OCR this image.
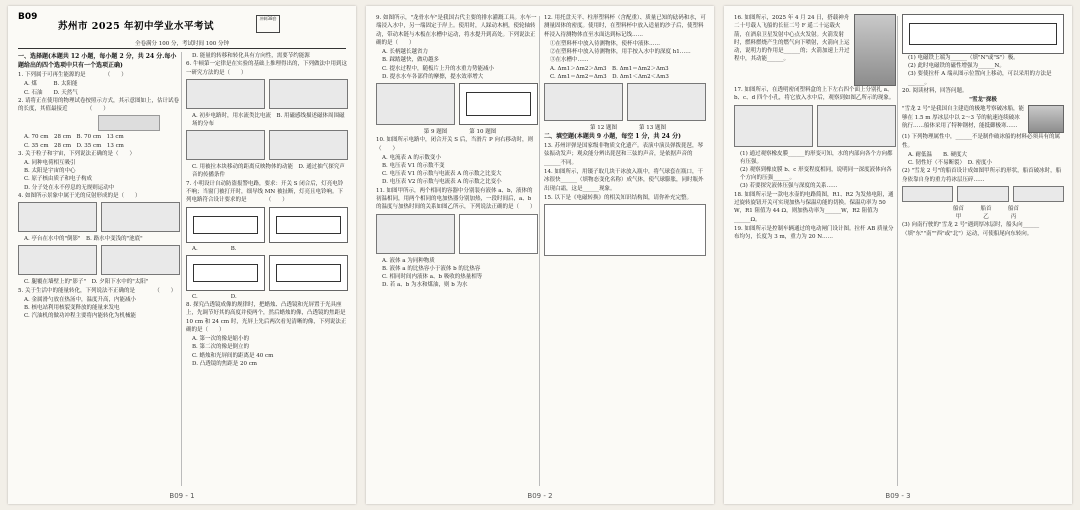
B09
苏州市 2025 年初中学业水平考试
冲刺38套
全卷满分 100 分，考试时间 100 分钟
一、选择题(本题共 12 小题，每小题 2 分，共 24 分.每小题给出的四个选项中只有一个选项正确)
1. 下列属于可再生能源的是　　　　（　　）
A. 煤　　　B. 太阳能
C. 石油　　D. 天然气
2. 请将正在使用的物理试卷按照示方式，其示意图如上，估计试卷的长度，其值最接近　　　　（　　）
A. 70 cm　28 cm　B. 70 cm　13 cm
C. 35 cm　28 cm　D. 35 cm　13 cm
3. 关于粒子和宇宙，下列说法正确的是（　　）
A. 同种电荷相互吸引
B. 太阳是宇宙的中心
C. 原子核由质子和电子构成
D. 分子处在永不停息的无规则运动中
4. 如图所示景象中属于光的反射形成的是（　　）
A. 亭台在水中的"倒影"　B. 路水中变浅的"池底"
C. 腿覆在墙壁上的"影子"　D. 夕阳下水中的"太阳"
5. 关于生活中的能量转化，下列说法不正确的是　　　　（　　）
A. 金属滑勺放在热汤中，温度升高，内能减小
B. 核电站利用核裂变释放的能量来发电
C. 汽油机的做功冲程主要将内能转化为机械能
D. 能量的转移和转化具有方向性，需要节约能源
6. 牛顿第一定律是在实验的基础上推理得出的，下列做法中用到这一研究方法的是（　　）
A. 初步电路时，用水流类比电流　B. 用磁感线描述磁体周围磁场的分布
C. 用被拉本块移动的距离反映物体的动能　D. 通过抽气探究声音的传播条件
7. 小明设计自动防盗报警电路，要求：开关 S 闭合后，灯亮电铃不响；当窗门被打开时，细导线 MN 被扯断，灯亮且电铃响。下列电路符合设计要求的是　　　　（　　）
A.　　　　　　B.
C.　　　　　　D.
8. 探究凸透镜成像的规律时，把蜡烛、凸透镜和光屏置于光具座上，先调节好其的高度并使两个，然后蜡烛的像，凸透镜的焦距是 10 cm 和 24 cm 时，光屏上先后两次看见清晰的像，下列说法正确的是（　　）
A. 第一次的像是缩小的
B. 第二次的像是倒立的
C. 蜡烛和光屏间的距离是 40 cm
D. 凸透镜的焦距是 20 cm
B09 - 1
9. 如图所示，"龙骨水车"是我国古代主要的排水灌溉工具。水车一端浸入水中，另一端固定于岸上。使用时，人踩动木柄，使轮轴转动，带动木链与木板在水槽中运动，将水提升到高处。下列说法正确的是（　　）
A. 长柄越长越省力
B. 踩踏越快，做功越多
C. 提水过程中，随板片上升的水重力势能减小
D. 提水水车各部件的摩擦，提水效率增大
第 9 题图　　　　第 10 题图
10. 如图所示电路中，闭合开关 S 后，当滑片 P 向右移动时，则（　　）
A. 电流表 A 的示数变小
B. 电压表 V1 的示数不变
C. 电压表 V1 的示数与电流表 A 的示数之比变大
D. 电压表 V2 的示数与电流表 A 的示数之比变小
11. 如图甲所示，两个相同的容器中分别装有液体 a、b，液体的初温相同，用两个相同的电加热器分别加热，一段时间后，a、b 的温度与加热时间的关系如图乙所示，下列说法正确的是（　　）
A. 液体 a 为同种物质
B. 液体 a 的比热容小于液体 b 的比热容
C. 相同时间内液体 a、b 吸收的热量相等
D. 若 a、b 为水和煤油，则 b 为水
12. 用托盘天平、柱形塑料杯（含配重）、质量已知的砝码和水，可测量固体的密度。使用时，在塑料杯中放入适量的沙子后，使塑料杯浸入待测物体直至水面达到标记线……
①在塑料杯中放入待测物体，使杯中液体……
②在塑料杯中放入待测物体，用手按入水中的深度 h1……
③在水槽中……
A. Δm1＞Δm2＞Δm3　B. Δm1＝Δm2＞Δm3
C. Δm1＝Δm2＝Δm3　D. Δm1＜Δm2＜Δm3
第 12 题图　　　　第 13 题图
二、填空题(本题共 9 小题，每空 1 分，共 24 分)
13. 苏州评弹是国家级非物质文化遗产。表演中演员弹拨琵琶，琴弦振动发声；观众能分辨出琵琶和三弦的声音，是依据声音的______不同。
14. 如图所示，用镊子取几块干冰放入瓶中，将气球套在瓶口，干冰很快______（填物态变化名称）成气体，使气球膨胀，同时瓶外出现白霜，这是______现象。
15. 以下是《电磁转换》的相关知识结构图，请你补充完整。
B09 - 2
16. 如图所示，2025 年 4 月 24 日，搭载神舟二十号载人飞船的长征二号 F 遥二十运载火箭，在酒泉卫星发射中心点火发射。火箭发射时，燃料燃烧产生的燃气向下喷射，火箭向上运动，说明力的作用是______的；火箭加速上升过程中，其动能______。
17. 如图所示，在透明密闭塑料盒的上下左右四个面上分别扎 a、b、c、d 四个小孔，将它放入水中后，观察到如图乙所示的现象。
(1) 通过观察橡皮膜______的形变可知，水的内部向各个方向都有压强。
(2) 观察到橡皮膜 b、c 形变程度相同，说明同一深度液体向各个方向的压强______。
(3) 若要探究液体压强与深度的关系……
18. 如图所示是一款电水壶的电路简图，R1、R2 为发热电阻，通过旋转旋钮开关可实现加热与保温功能的切换。保温功率为 50 W，R1 阻值为 44 Ω，则加热功率为______W，R2 阻值为______Ω。
19. 如图所示是控制车辆通过的电动闸门设计图。拉杆 AB 质量分布均匀，长度为 3 m，重力为 20 N……
(1) 电磁铁上端为______（填"N"或"S"）极。
(2) 此时电磁铁的磁性增强为______N。
(3) 要使拉杆 A 端从图示位置向上移动，可以采用的方法是______。
20. 阅读材料，回答问题。
"雪龙"探极
"雪龙 2 号"是我国自主建造的极地考察破冰船，能够在 1.5 m 厚冰层中以 2～3 节的航速连续破冰航行……船体采用了特种钢材，能抵御极寒……
(1) 下列物理属性中，______不是制作破冰船的材料必须具有的属性。
A. 耐低温　　B. 硬度大
C. 韧性好（不易断裂）　D. 密度小
(2) "雪龙 2 号"的船首设计成如图甲所示的形状，船首破冰时，船身依靠自身的重力将冰层压碎……
船首　　　船首　　　船首
甲　　　　乙　　　　丙
(3) 向南行驶的"雪龙 2 号"遇到厚冰层时，船头向______（填"东""南""西"或"北"）运动，可使船尾向东转向。
B09 - 3
